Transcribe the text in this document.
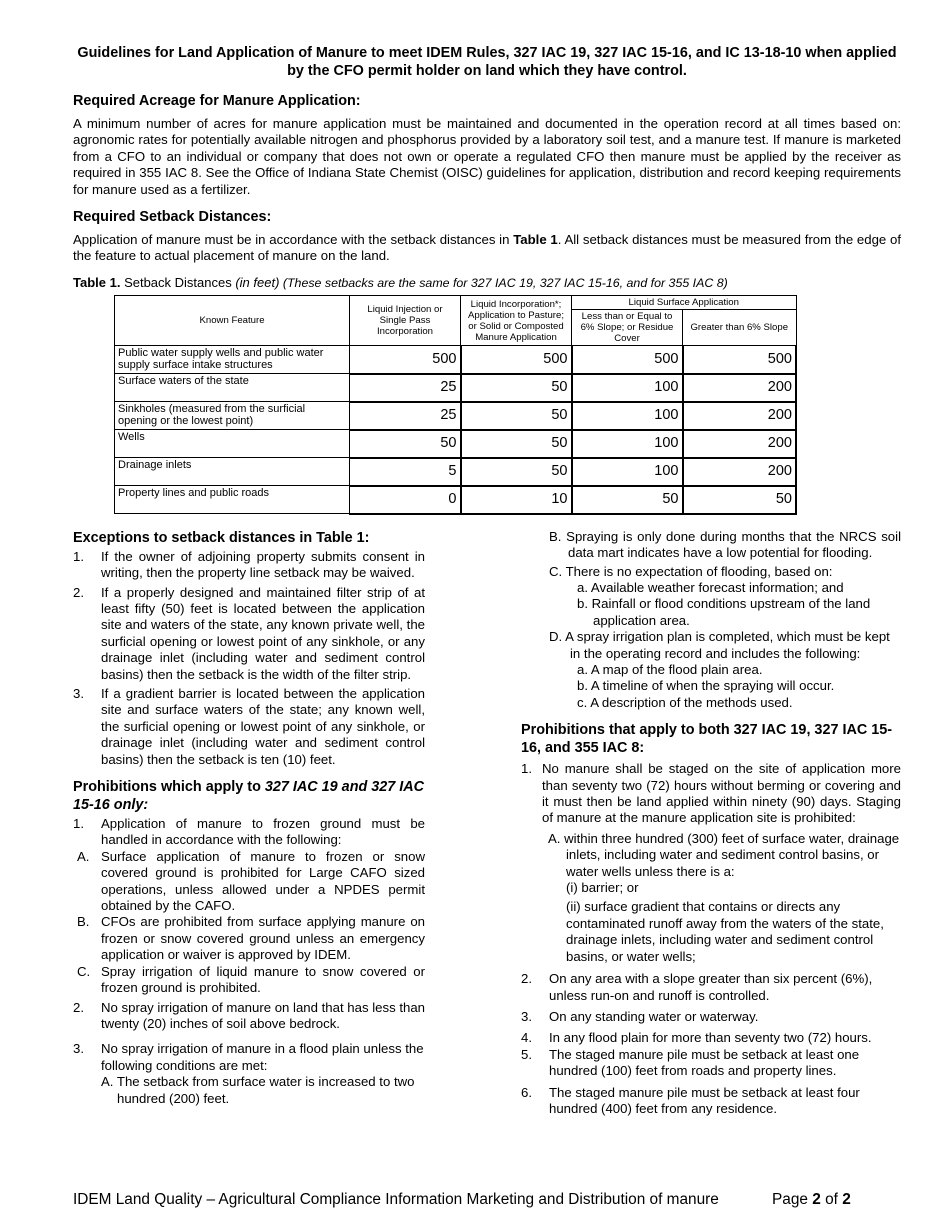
Guidelines for Land Application of Manure to meet IDEM Rules, 327 IAC 19, 327 IAC 15-16, and IC 13-18-10 when applied by the CFO permit holder on land which they have control.
Required Acreage for Manure Application:

A minimum number of acres for manure application must be maintained and documented in the operation record at all times based on: agronomic rates for potentially available nitrogen and phosphorus provided by a laboratory soil test, and a manure test. If manure is marketed from a CFO to an individual or company that does not own or operate a regulated CFO then manure must be applied by the receiver as required in 355 IAC 8. See the Office of Indiana State Chemist (OISC) guidelines for application, distribution and record keeping requirements for manure used as a fertilizer.

Required Setback Distances:

Application of manure must be in accordance with the setback distances in Table 1. All setback distances must be measured from the edge of the feature to actual placement of manure on the land.

Table 1. Setback Distances (in feet) (These setbacks are the same for 327 IAC 19, 327 IAC 15-16, and for 355 IAC 8)
Known Feature	Liquid Injection or Single Pass Incorporation	Liquid Incorporation*; Application to Pasture; or Solid or Composted Manure Application	Liquid Surface Application	
			Less than or Equal to 6% Slope; or Residue Cover	Greater than 6% Slope
Public water supply wells and public water supply surface intake structures	500	500	500	500
Surface waters of the state	25	50	100	200
Sinkholes (measured from the surficial opening or the lowest point)	25	50	100	200
Wells	50	50	100	200
Drainage inlets	5	50	100	200
Property lines and public roads	0	10	50	50
Exceptions to setback distances in Table 1:
1. If the owner of adjoining property submits consent in writing, then the property line setback may be waived.
2. If a properly designed and maintained filter strip of at least fifty (50) feet is located between the application site and waters of the state, any known private well, the surficial opening or lowest point of any sinkhole, or any drainage inlet (including water and sediment control basins) then the setback is the width of the filter strip.
3. If a gradient barrier is located between the application site and surface waters of the state; any known well, the surficial opening or lowest point of any sinkhole, or drainage inlet (including water and sediment control basins) then the setback is ten (10) feet.
Prohibitions which apply to 327 IAC 19 and 327 IAC 15-16 only:
1. Application of manure to frozen ground must be handled in accordance with the following:
A. Surface application of manure to frozen or snow covered ground is prohibited for Large CAFO sized operations, unless allowed under a NPDES permit obtained by the CAFO.
B. CFOs are prohibited from surface applying manure on frozen or snow covered ground unless an emergency application or waiver is approved by IDEM.
C. Spray irrigation of liquid manure to snow covered or frozen ground is prohibited.
2. No spray irrigation of manure on land that has less than twenty (20) inches of soil above bedrock.
3. No spray irrigation of manure in a flood plain unless the following conditions are met:
A. The setback from surface water is increased to two hundred (200) feet.
B. Spraying is only done during months that the NRCS soil data mart indicates have a low potential for flooding.
C. There is no expectation of flooding, based on:
a. Available weather forecast information; and
b. Rainfall or flood conditions upstream of the land application area.
D. A spray irrigation plan is completed, which must be kept in the operating record and includes the following:
a. A map of the flood plain area.
b. A timeline of when the spraying will occur.
c. A description of the methods used.
Prohibitions that apply to both 327 IAC 19, 327 IAC 15-16, and 355 IAC 8:
1. No manure shall be staged on the site of application more than seventy two (72) hours without berming or covering and it must then be land applied within ninety (90) days. Staging of manure at the manure application site is prohibited:
A. within three hundred (300) feet of surface water, drainage inlets, including water and sediment control basins, or water wells unless there is a:
(i) barrier; or
(ii) surface gradient that contains or directs any contaminated runoff away from the waters of the state, drainage inlets, including water and sediment control basins, or water wells;
2. On any area with a slope greater than six percent (6%), unless run-on and runoff is controlled.
3. On any standing water or waterway.
4. In any flood plain for more than seventy two (72) hours.
5. The staged manure pile must be setback at least one hundred (100) feet from roads and property lines.
6. The staged manure pile must be setback at least four hundred (400) feet from any residence.
IDEM Land Quality – Agricultural Compliance Information Marketing and Distribution of manure	Page 2 of 2
